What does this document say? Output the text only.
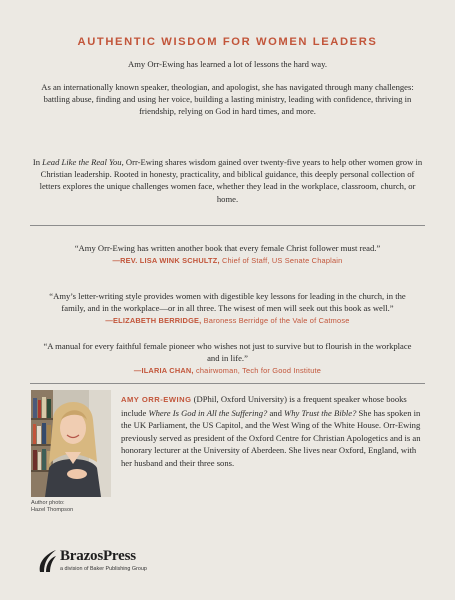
AUTHENTIC WISDOM FOR WOMEN LEADERS
Amy Orr-Ewing has learned a lot of lessons the hard way.
As an internationally known speaker, theologian, and apologist, she has navigated through many challenges: battling abuse, finding and using her voice, building a lasting ministry, leading with confidence, thriving in friendship, relying on God in hard times, and more.
In Lead Like the Real You, Orr-Ewing shares wisdom gained over twenty-five years to help other women grow in Christian leadership. Rooted in honesty, practicality, and biblical guidance, this deeply personal collection of letters explores the unique challenges women face, whether they lead in the workplace, classroom, church, or home.
“Amy Orr-Ewing has written another book that every female Christ follower must read.”
—REV. LISA WINK SCHULTZ, Chief of Staff, US Senate Chaplain
“Amy’s letter-writing style provides women with digestible key lessons for leading in the church, in the family, and in the workplace—or in all three. The wisest of men will seek out this book as well.”
—ELIZABETH BERRIDGE, Baroness Berridge of the Vale of Catmose
“A manual for every faithful female pioneer who wishes not just to survive but to flourish in the workplace and in life.”
—ILARIA CHAN, chairwoman, Tech for Good Institute
Author photo:
Hazel Thompson
AMY ORR-EWING (DPhil, Oxford University) is a frequent speaker whose books include Where Is God in All the Suffering? and Why Trust the Bible? She has spoken in the UK Parliament, the US Capitol, and the West Wing of the White House. Orr-Ewing previously served as president of the Oxford Centre for Christian Apologetics and is an honorary lecturer at the University of Aberdeen. She lives near Oxford, England, with her husband and their three sons.
BrazosPress
a division of Baker Publishing Group
